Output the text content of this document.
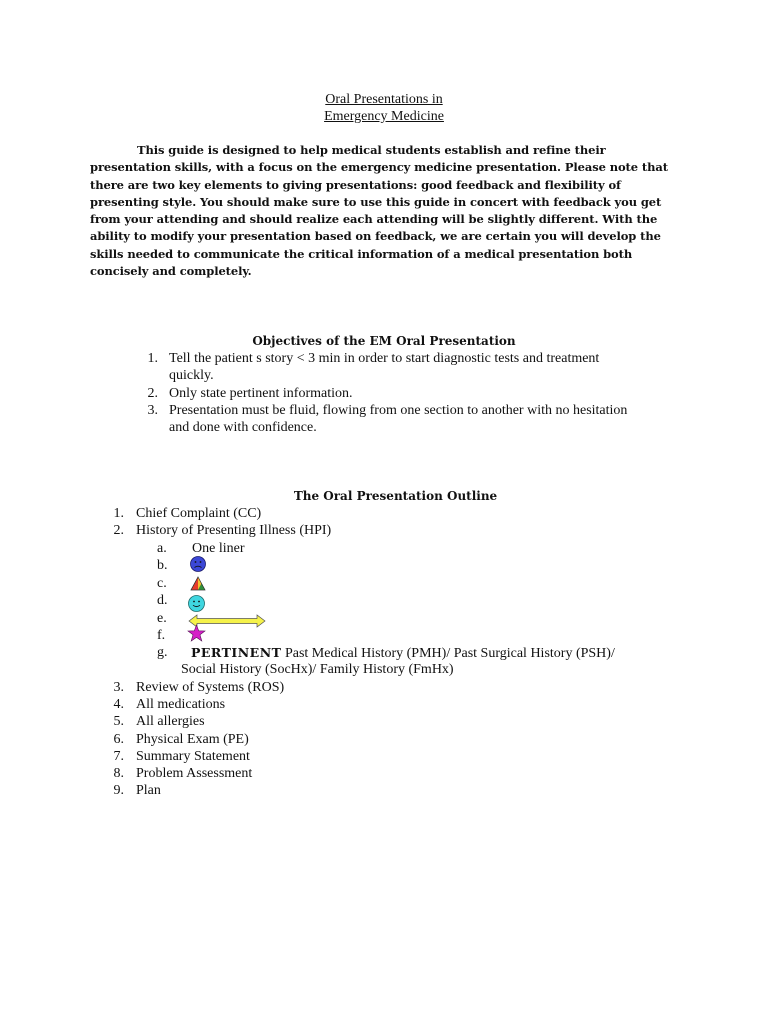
Oral Presentations in
Emergency Medicine

This guide is designed to help medical students establish and refine their presentation skills, with a focus on the emergency medicine presentation. Please note that there are two key elements to giving presentations: good feedback and flexibility of presenting style. You should make sure to use this guide in concert with feedback you get from your attending and should realize each attending will be slightly different. With the ability to modify your presentation based on feedback, we are certain you will develop the skills needed to communicate the critical information of a medical presentation both concisely and completely.

Objectives of the EM Oral Presentation
1. Tell the patient s story < 3 min in order to start diagnostic tests and treatment
quickly.
2. Only state pertinent information.
3. Presentation must be fluid, flowing from one section to another with no hesitation
and done with confidence.
The Oral Presentation Outline
1. Chief Complaint (CC)
2. History of Presenting Illness (HPI)
a. One liner
b.
c.
d.
e.
f.
g. PERTINENT Past Medical History (PMH)/ Past Surgical History (PSH)/
Social History (SocHx)/ Family History (FmHx)
3. Review of Systems (ROS)
4. All medications
5. All allergies
6. Physical Exam (PE)
7. Summary Statement
8. Problem Assessment
9. Plan
